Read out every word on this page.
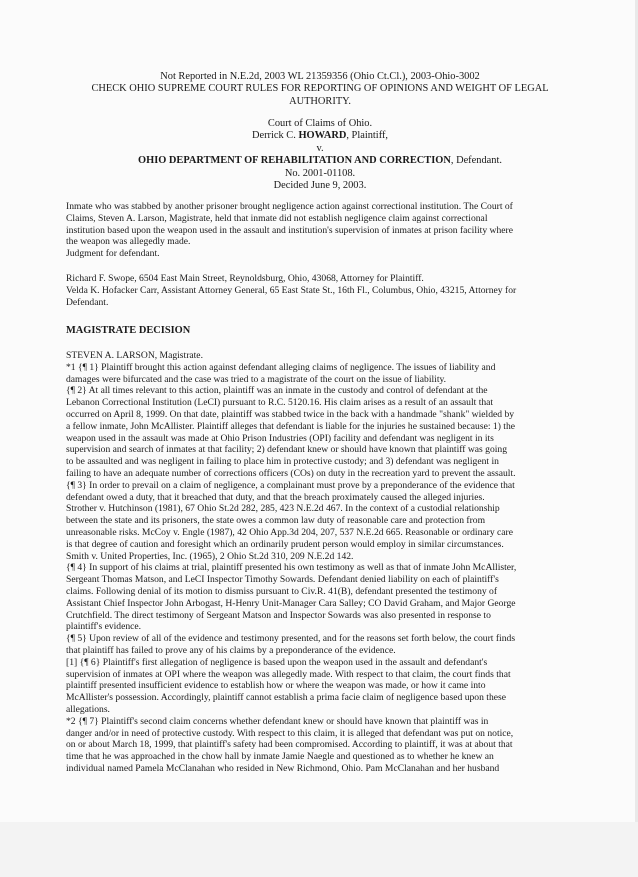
Not Reported in N.E.2d, 2003 WL 21359356 (Ohio Ct.Cl.), 2003-Ohio-3002
CHECK OHIO SUPREME COURT RULES FOR REPORTING OF OPINIONS AND WEIGHT OF LEGAL
AUTHORITY.
Court of Claims of Ohio.
Derrick C. HOWARD, Plaintiff,
v.
OHIO DEPARTMENT OF REHABILITATION AND CORRECTION, Defendant.
No. 2001-01108.
Decided June 9, 2003.
Inmate who was stabbed by another prisoner brought negligence action against correctional institution. The Court of
Claims, Steven A. Larson, Magistrate, held that inmate did not establish negligence claim against correctional
institution based upon the weapon used in the assault and institution's supervision of inmates at prison facility where
the weapon was allegedly made.
Judgment for defendant.
Richard F. Swope, 6504 East Main Street, Reynoldsburg, Ohio, 43068, Attorney for Plaintiff.
Velda K. Hofacker Carr, Assistant Attorney General, 65 East State St., 16th Fl., Columbus, Ohio, 43215, Attorney for
Defendant.
MAGISTRATE DECISION
STEVEN A. LARSON, Magistrate.
*1 {¶ 1} Plaintiff brought this action against defendant alleging claims of negligence. The issues of liability and
damages were bifurcated and the case was tried to a magistrate of the court on the issue of liability.
{¶ 2} At all times relevant to this action, plaintiff was an inmate in the custody and control of defendant at the
Lebanon Correctional Institution (LeCI) pursuant to R.C. 5120.16. His claim arises as a result of an assault that
occurred on April 8, 1999. On that date, plaintiff was stabbed twice in the back with a handmade "shank" wielded by
a fellow inmate, John McAllister. Plaintiff alleges that defendant is liable for the injuries he sustained because: 1) the
weapon used in the assault was made at Ohio Prison Industries (OPI) facility and defendant was negligent in its
supervision and search of inmates at that facility; 2) defendant knew or should have known that plaintiff was going
to be assaulted and was negligent in failing to place him in protective custody; and 3) defendant was negligent in
failing to have an adequate number of corrections officers (COs) on duty in the recreation yard to prevent the assault.
{¶ 3} In order to prevail on a claim of negligence, a complainant must prove by a preponderance of the evidence that
defendant owed a duty, that it breached that duty, and that the breach proximately caused the alleged injuries.
Strother v. Hutchinson (1981), 67 Ohio St.2d 282, 285, 423 N.E.2d 467. In the context of a custodial relationship
between the state and its prisoners, the state owes a common law duty of reasonable care and protection from
unreasonable risks. McCoy v. Engle (1987), 42 Ohio App.3d 204, 207, 537 N.E.2d 665. Reasonable or ordinary care
is that degree of caution and foresight which an ordinarily prudent person would employ in similar circumstances.
Smith v. United Properties, Inc. (1965), 2 Ohio St.2d 310, 209 N.E.2d 142.
{¶ 4} In support of his claims at trial, plaintiff presented his own testimony as well as that of inmate John McAllister,
Sergeant Thomas Matson, and LeCI Inspector Timothy Sowards. Defendant denied liability on each of plaintiff's
claims. Following denial of its motion to dismiss pursuant to Civ.R. 41(B), defendant presented the testimony of
Assistant Chief Inspector John Arbogast, H-Henry Unit-Manager Cara Salley; CO David Graham, and Major George
Crutchfield. The direct testimony of Sergeant Matson and Inspector Sowards was also presented in response to
plaintiff's evidence.
{¶ 5} Upon review of all of the evidence and testimony presented, and for the reasons set forth below, the court finds
that plaintiff has failed to prove any of his claims by a preponderance of the evidence.
[1] {¶ 6} Plaintiff's first allegation of negligence is based upon the weapon used in the assault and defendant's
supervision of inmates at OPI where the weapon was allegedly made. With respect to that claim, the court finds that
plaintiff presented insufficient evidence to establish how or where the weapon was made, or how it came into
McAllister's possession. Accordingly, plaintiff cannot establish a prima facie claim of negligence based upon these
allegations.
*2 {¶ 7} Plaintiff's second claim concerns whether defendant knew or should have known that plaintiff was in
danger and/or in need of protective custody. With respect to this claim, it is alleged that defendant was put on notice,
on or about March 18, 1999, that plaintiff's safety had been compromised. According to plaintiff, it was at about that
time that he was approached in the chow hall by inmate Jamie Naegle and questioned as to whether he knew an
individual named Pamela McClanahan who resided in New Richmond, Ohio. Pam McClanahan and her husband
